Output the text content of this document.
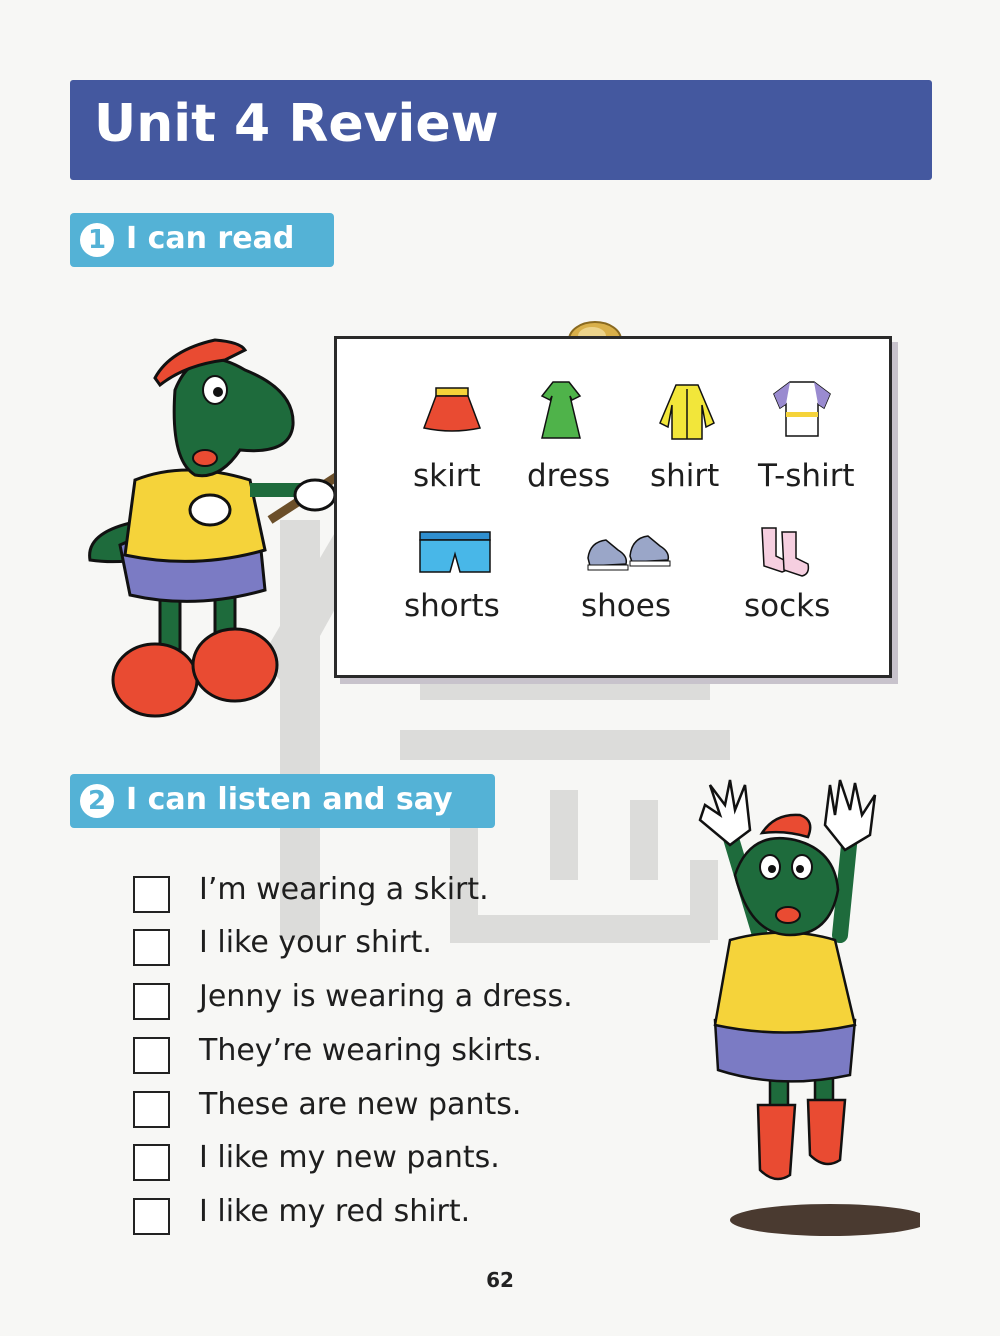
Unit 4 Review
1 I can read
skirt dress shirt T-shirt
shorts	shoes socks
2 I can listen and say
I’m wearing a skirt.
I like your shirt.
Jenny is wearing a dress.
They’re wearing skirts.
These are new pants.
I like my new pants.
I like my red shirt.
62
